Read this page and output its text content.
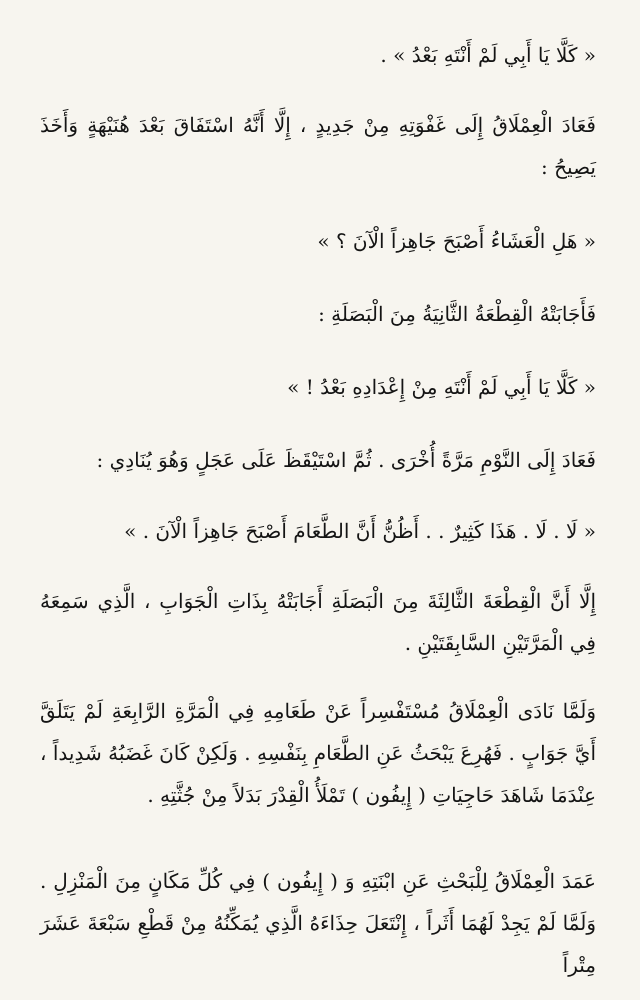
« كَلَّا يَا أَبِي لَمْ أَنْتَهِ بَعْدُ » .

فَعَادَ الْعِمْلَاقُ إِلَى غَفْوَتِهِ مِنْ جَدِيدٍ ، إِلَّا أَنَّهُ اسْتَفَاقَ بَعْدَ هُنَيْهَةٍ وَأَخَذَ يَصِيحُ :

« هَلِ الْعَشَاءُ أَصْبَحَ جَاهِزاً الْآنَ ؟ »

فَأَجَابَتْهُ الْقِطْعَةُ الثَّانِيَةُ مِنَ الْبَصَلَةِ :

« كَلَّا يَا أَبِي لَمْ أَنْتَهِ مِنْ إِعْدَادِهِ بَعْدُ ! »

فَعَادَ إِلَى النَّوْمِ مَرَّةً أُخْرَى . ثُمَّ اسْتَيْقَظَ عَلَى عَجَلٍ وَهُوَ يُنَادِي :

« لَا . لَا . هَذَا كَثِيرٌ . . أَظُنُّ أَنَّ الطَّعَامَ أَصْبَحَ جَاهِزاً الْآنَ . »

إِلَّا أَنَّ الْقِطْعَةَ الثَّالِثَةَ مِنَ الْبَصَلَةِ أَجَابَتْهُ بِذَاتِ الْجَوَابِ ، الَّذِي سَمِعَهُ فِي الْمَرَّتَيْنِ السَّابِقَتَيْنِ .

وَلَمَّا نَادَى الْعِمْلَاقُ مُسْتَفْسِراً عَنْ طَعَامِهِ فِي الْمَرَّةِ الرَّابِعَةِ لَمْ يَتَلَقَّ أَيَّ جَوَابٍ . فَهُرِعَ يَبْحَثُ عَنِ الطَّعَامِ بِنَفْسِهِ . وَلَكِنْ كَانَ غَضَبُهُ شَدِيداً ، عِنْدَمَا شَاهَدَ حَاجِيَاتِ ( إِيفُون ) تَمْلَأُ الْقِدْرَ بَدَلاً مِنْ جُثَّتِهِ .

عَمَدَ الْعِمْلَاقُ لِلْبَحْثِ عَنِ ابْنَتِهِ وَ ( إِيفُون ) فِي كُلِّ مَكَانٍ مِنَ الْمَنْزِلِ . وَلَمَّا لَمْ يَجِدْ لَهُمَا أَثَراً ، إِنْتَعَلَ حِذَاءَهُ الَّذِي يُمَكِّنُهُ مِنْ قَطْعِ سَبْعَةَ عَشَرَ مِتْراً
